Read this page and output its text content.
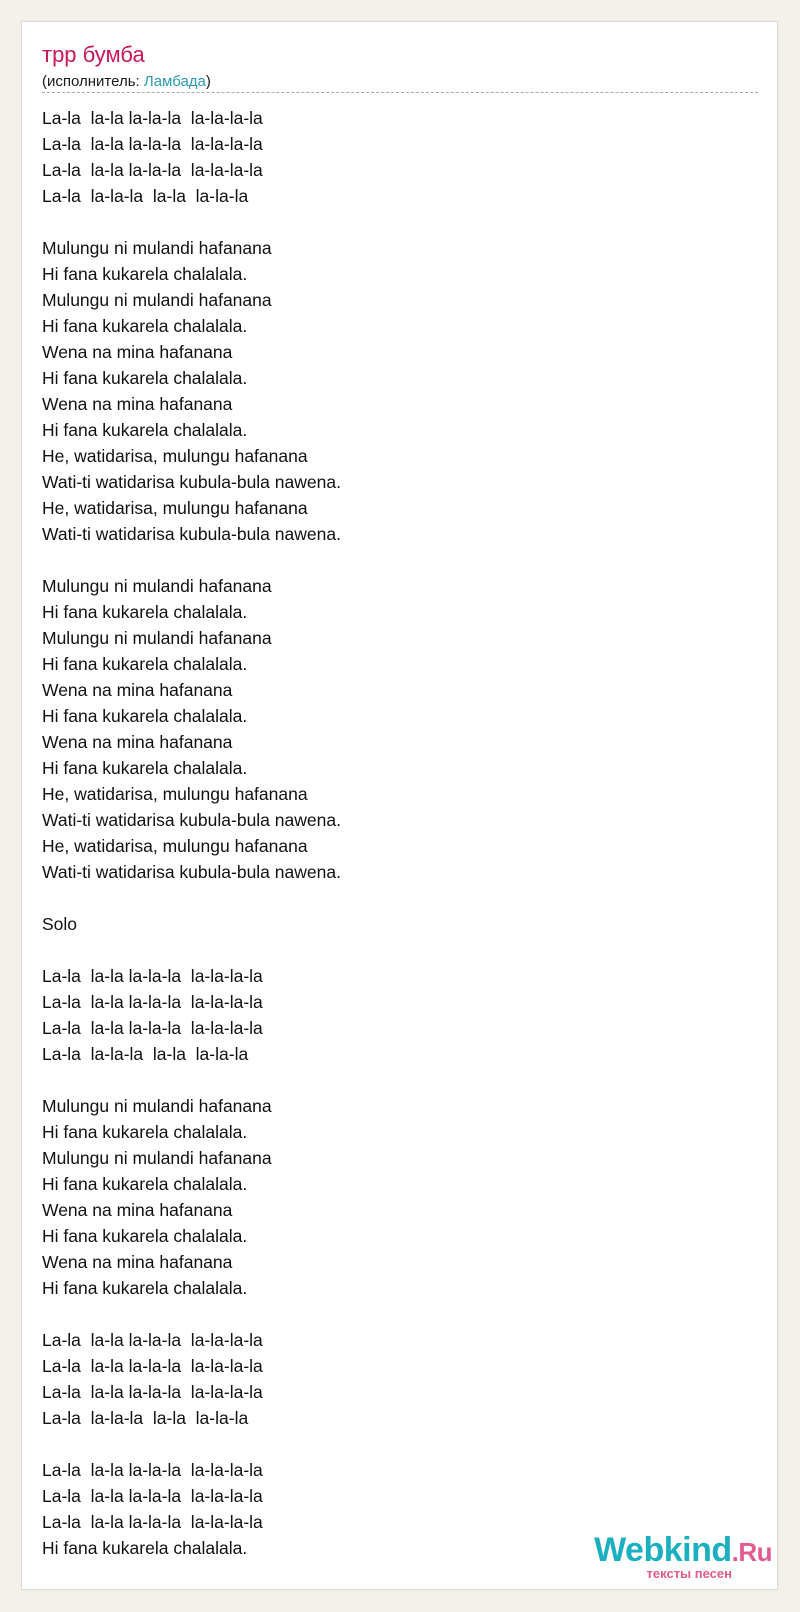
трр бумба
(исполнитель: Ламбада)
La-la  la-la la-la-la  la-la-la-la
La-la  la-la la-la-la  la-la-la-la
La-la  la-la la-la-la  la-la-la-la
La-la  la-la-la  la-la  la-la-la
Mulungu ni mulandi hafanana
Hi fana kukarela chalalala.
Mulungu ni mulandi hafanana
Hi fana kukarela chalalala.
Wena na mina hafanana
Hi fana kukarela chalalala.
Wena na mina hafanana
Hi fana kukarela chalalala.
He, watidarisa, mulungu hafanana
Wati-ti watidarisa kubula-bula nawena.
He, watidarisa, mulungu hafanana
Wati-ti watidarisa kubula-bula nawena.
Mulungu ni mulandi hafanana
Hi fana kukarela chalalala.
Mulungu ni mulandi hafanana
Hi fana kukarela chalalala.
Wena na mina hafanana
Hi fana kukarela chalalala.
Wena na mina hafanana
Hi fana kukarela chalalala.
He, watidarisa, mulungu hafanana
Wati-ti watidarisa kubula-bula nawena.
He, watidarisa, mulungu hafanana
Wati-ti watidarisa kubula-bula nawena.
Solo
La-la  la-la la-la-la  la-la-la-la
La-la  la-la la-la-la  la-la-la-la
La-la  la-la la-la-la  la-la-la-la
La-la  la-la-la  la-la  la-la-la
Mulungu ni mulandi hafanana
Hi fana kukarela chalalala.
Mulungu ni mulandi hafanana
Hi fana kukarela chalalala.
Wena na mina hafanana
Hi fana kukarela chalalala.
Wena na mina hafanana
Hi fana kukarela chalalala.
La-la  la-la la-la-la  la-la-la-la
La-la  la-la la-la-la  la-la-la-la
La-la  la-la la-la-la  la-la-la-la
La-la  la-la-la  la-la  la-la-la
La-la  la-la la-la-la  la-la-la-la
La-la  la-la la-la-la  la-la-la-la
La-la  la-la la-la-la  la-la-la-la
Hi fana kukarela chalalala.	Webkind.Ru
тексты песен
